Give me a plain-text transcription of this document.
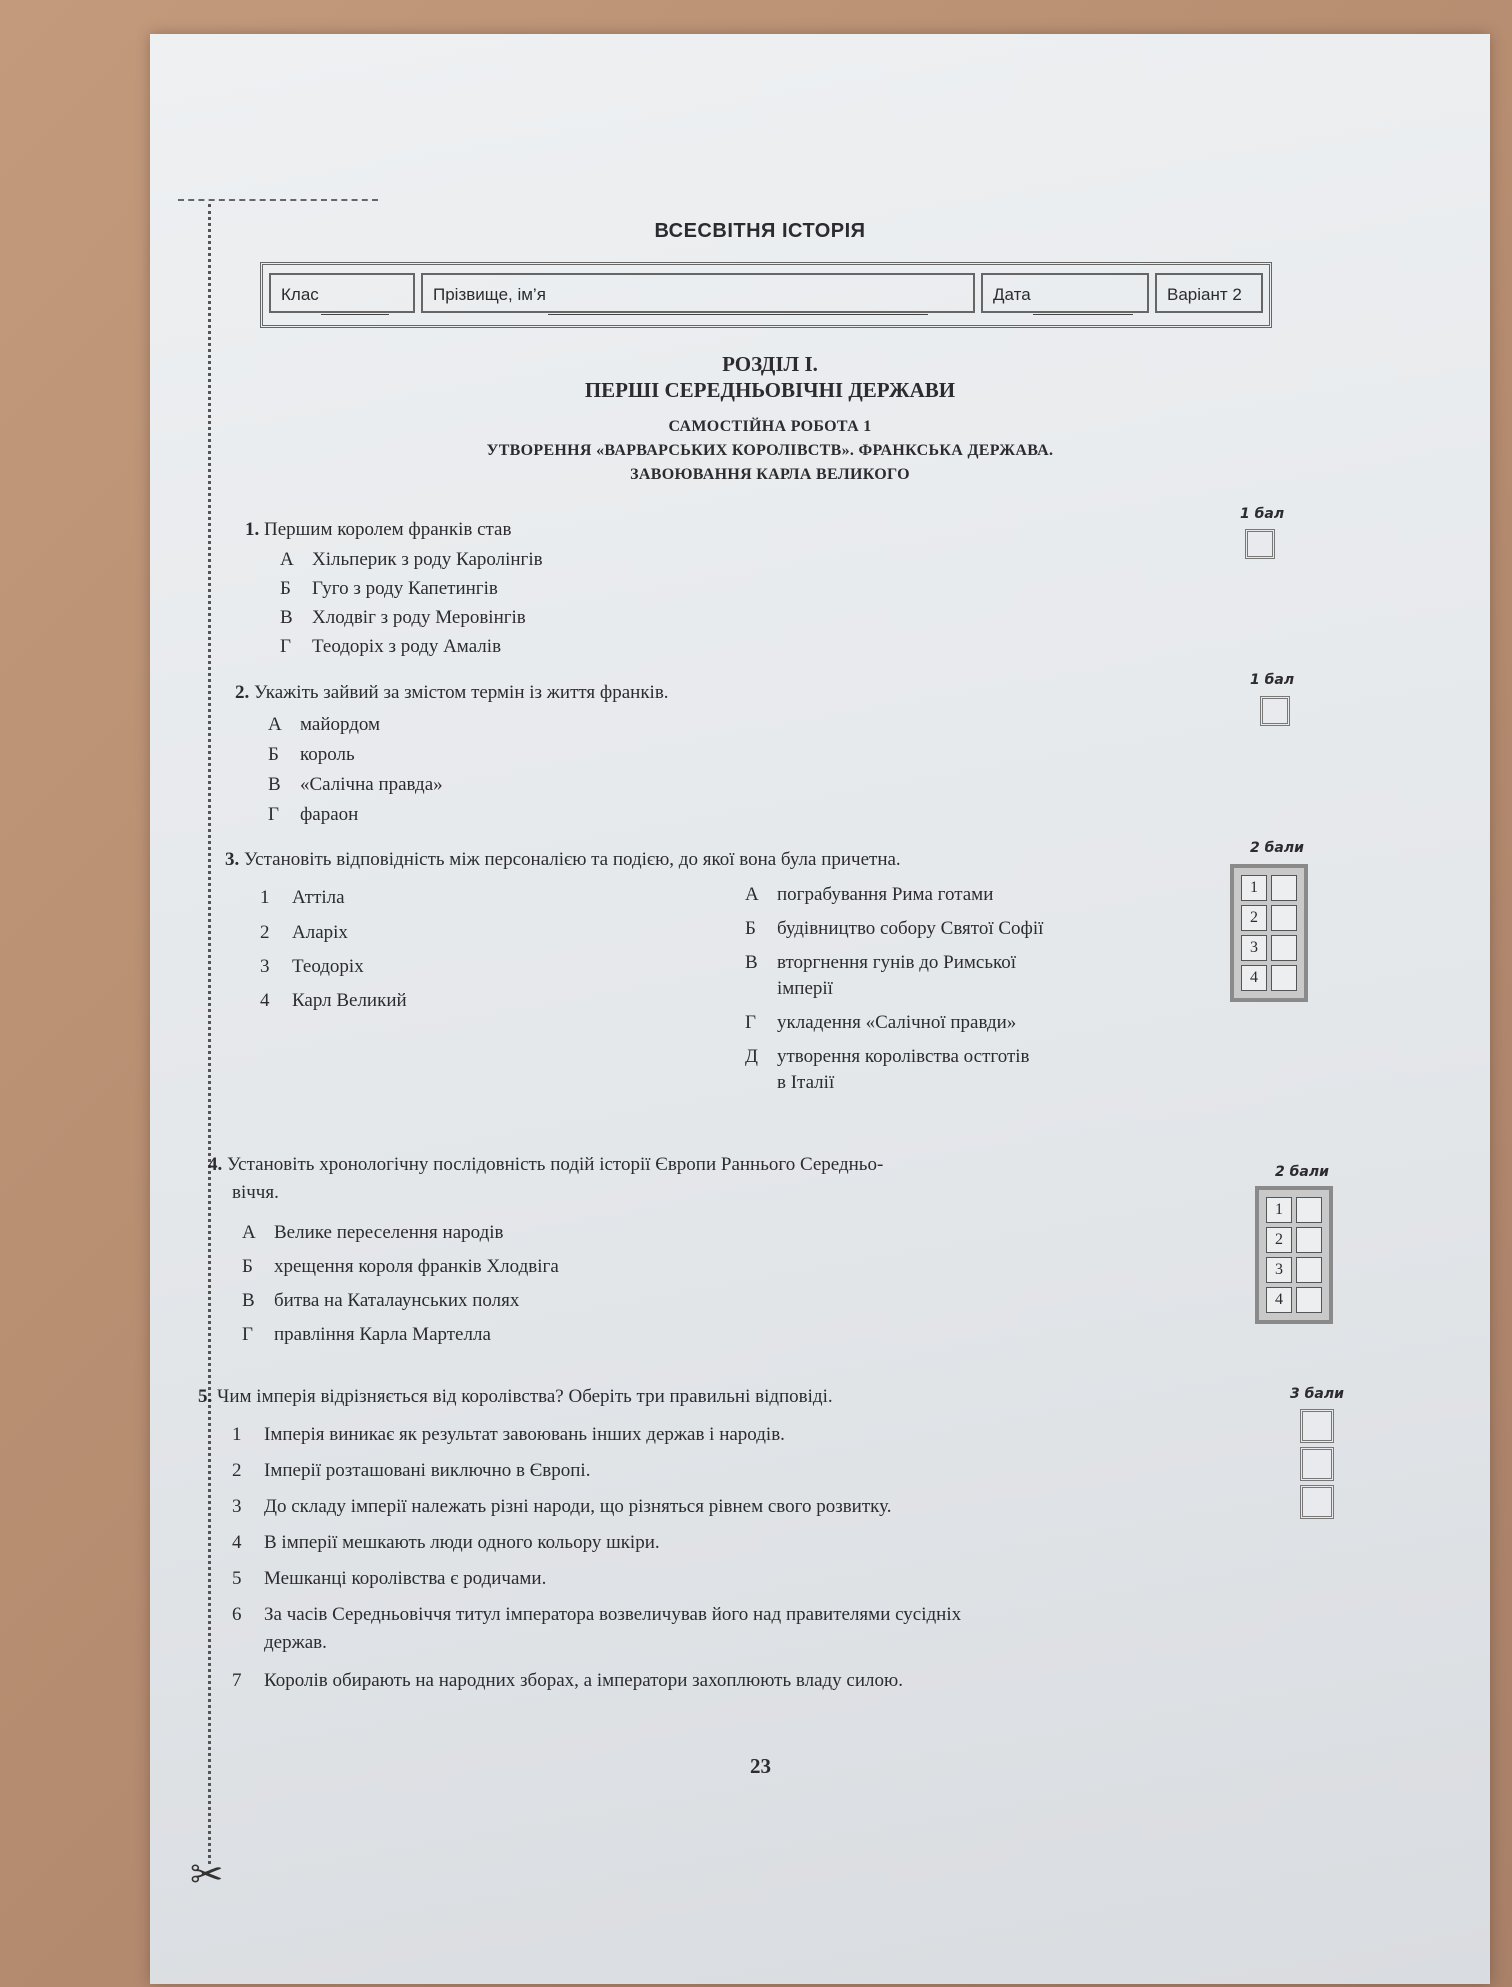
✂
ВСЕСВІТНЯ ІСТОРІЯ
Клас	Прізвище, ім’я	Дата	Варіант 2
РОЗДІЛ І.
ПЕРШІ СЕРЕДНЬОВІЧНІ ДЕРЖАВИ
САМОСТІЙНА РОБОТА 1
УТВОРЕННЯ «ВАРВАРСЬКИХ КОРОЛІВСТВ». ФРАНКСЬКА ДЕРЖАВА.
ЗАВОЮВАННЯ КАРЛА ВЕЛИКОГО
1. Першим королем франків став
А Хільперик з роду Каролінгів
Б Гуго з роду Капетингів
В Хлодвіг з роду Меровінгів
Г Теодоріх з роду Амалів
1 бал
2. Укажіть зайвий за змістом термін із життя франків.
А майордом
Б король
В «Салічна правда»
Г фараон
1 бал
3. Установіть відповідність між персоналією та подією, до якої вона була причетна.
1 Аттіла
2 Аларіх
3 Теодоріх
4 Карл Великий
А пограбування Рима готами
Б будівництво собору Святої Софії
В вторгнення гунів до Римської
імперії
Г укладення «Салічної правди»
Д утворення королівства остготів
в Італії
2 бали
1	
2	
3	
4	
4. Установіть хронологічну послідовність подій історії Європи Раннього Середньо-
віччя.
А Велике переселення народів
Б хрещення короля франків Хлодвіга
В битва на Каталаунських полях
Г правління Карла Мартелла
2 бали
1	
2	
3	
4	
5. Чим імперія відрізняється від королівства? Оберіть три правильні відповіді.
1 Імперія виникає як результат завоювань інших держав і народів.
2 Імперії розташовані виключно в Європі.
3 До складу імперії належать різні народи, що різняться рівнем свого розвитку.
4 В імперії мешкають люди одного кольору шкіри.
5 Мешканці королівства є родичами.
6 За часів Середньовіччя титул імператора возвеличував його над правителями сусідніх
держав.
7 Королів обирають на народних зборах, а імператори захоплюють владу силою.
3 бали
23
